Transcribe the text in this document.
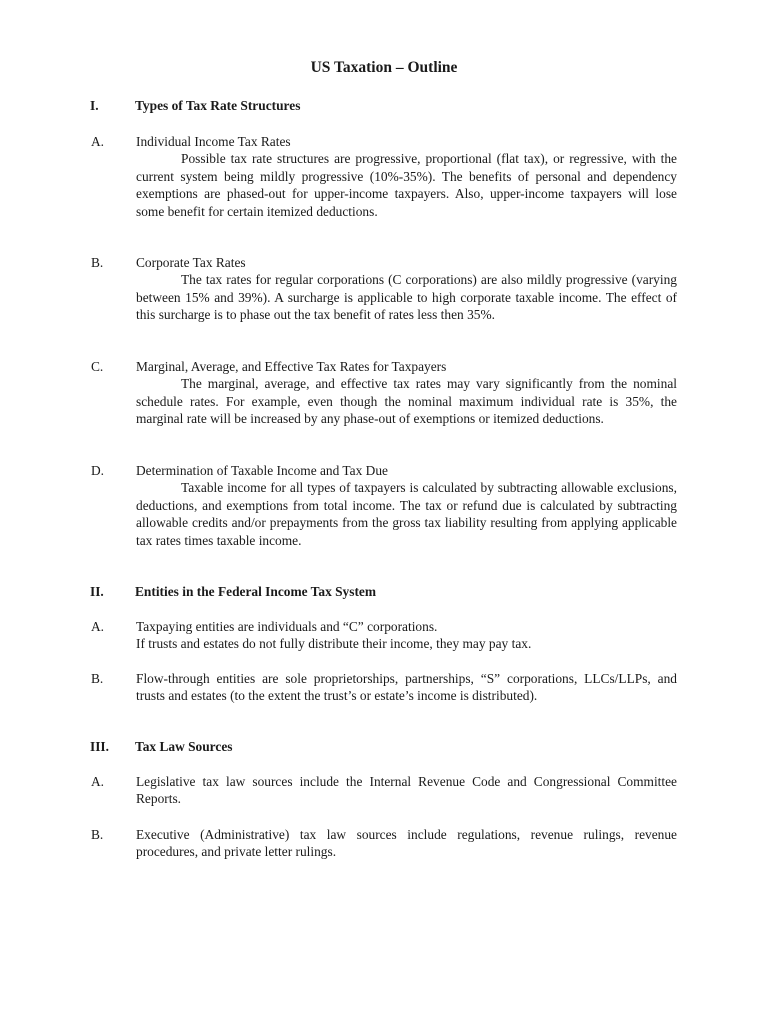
US Taxation – Outline
I.	Types of Tax Rate Structures
A.	Individual Income Tax Rates

Possible tax rate structures are progressive, proportional (flat tax), or regressive, with the current system being mildly progressive (10%-35%). The benefits of personal and dependency exemptions are phased-out for upper-income taxpayers. Also, upper-income taxpayers will lose some benefit for certain itemized deductions.

B.	Corporate Tax Rates

The tax rates for regular corporations (C corporations) are also mildly progressive (varying between 15% and 39%). A surcharge is applicable to high corporate taxable income. The effect of this surcharge is to phase out the tax benefit of rates less then 35%.

C.	Marginal, Average, and Effective Tax Rates for Taxpayers

The marginal, average, and effective tax rates may vary significantly from the nominal schedule rates. For example, even though the nominal maximum individual rate is 35%, the marginal rate will be increased by any phase-out of exemptions or itemized deductions.

D.	Determination of Taxable Income and Tax Due

Taxable income for all types of taxpayers is calculated by subtracting allowable exclusions, deductions, and exemptions from total income. The tax or refund due is calculated by subtracting allowable credits and/or prepayments from the gross tax liability resulting from applying applicable tax rates times taxable income.

II. Entities in the Federal Income Tax System
A.	Taxpaying entities are individuals and “C” corporations.
If trusts and estates do not fully distribute their income, they may pay tax.
B.	Flow-through entities are sole proprietorships, partnerships, “S” corporations, LLCs/LLPs, and trusts and estates (to the extent the trust’s or estate’s income is distributed).

III. Tax Law Sources
A.	Legislative tax law sources include the Internal Revenue Code and Congressional Committee Reports.

B.	Executive (Administrative) tax law sources include regulations, revenue rulings, revenue procedures, and private letter rulings.
